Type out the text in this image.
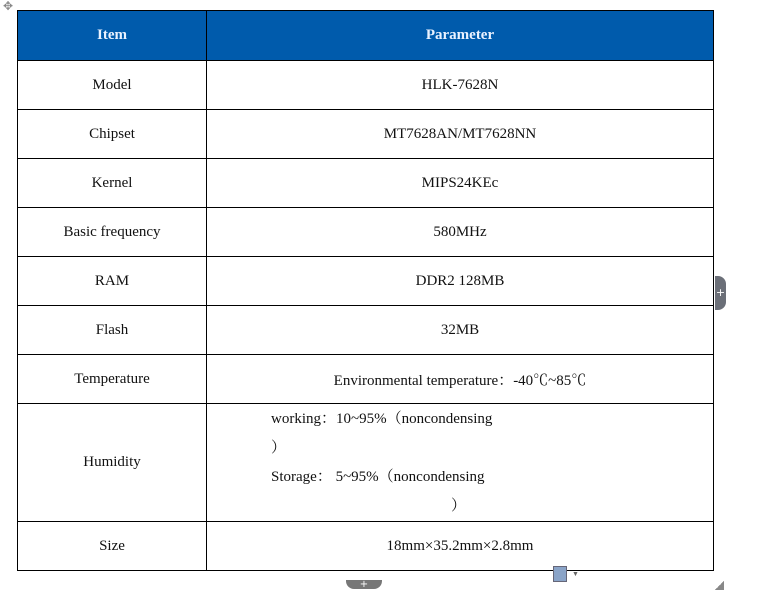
✥
Item	Parameter
Model	HLK-7628N
Chipset	MT7628AN/MT7628NN
Kernel	MIPS24KEc
Basic frequency	580MHz
RAM	DDR2 128MB
Flash	32MB
Temperature	Environmental temperature：-40℃~85℃
Humidity	working：10~95%（noncondensing
）
Storage： 5~95%（noncondensing
）

Size	18mm×35.2mm×2.8mm
+
+
▼
